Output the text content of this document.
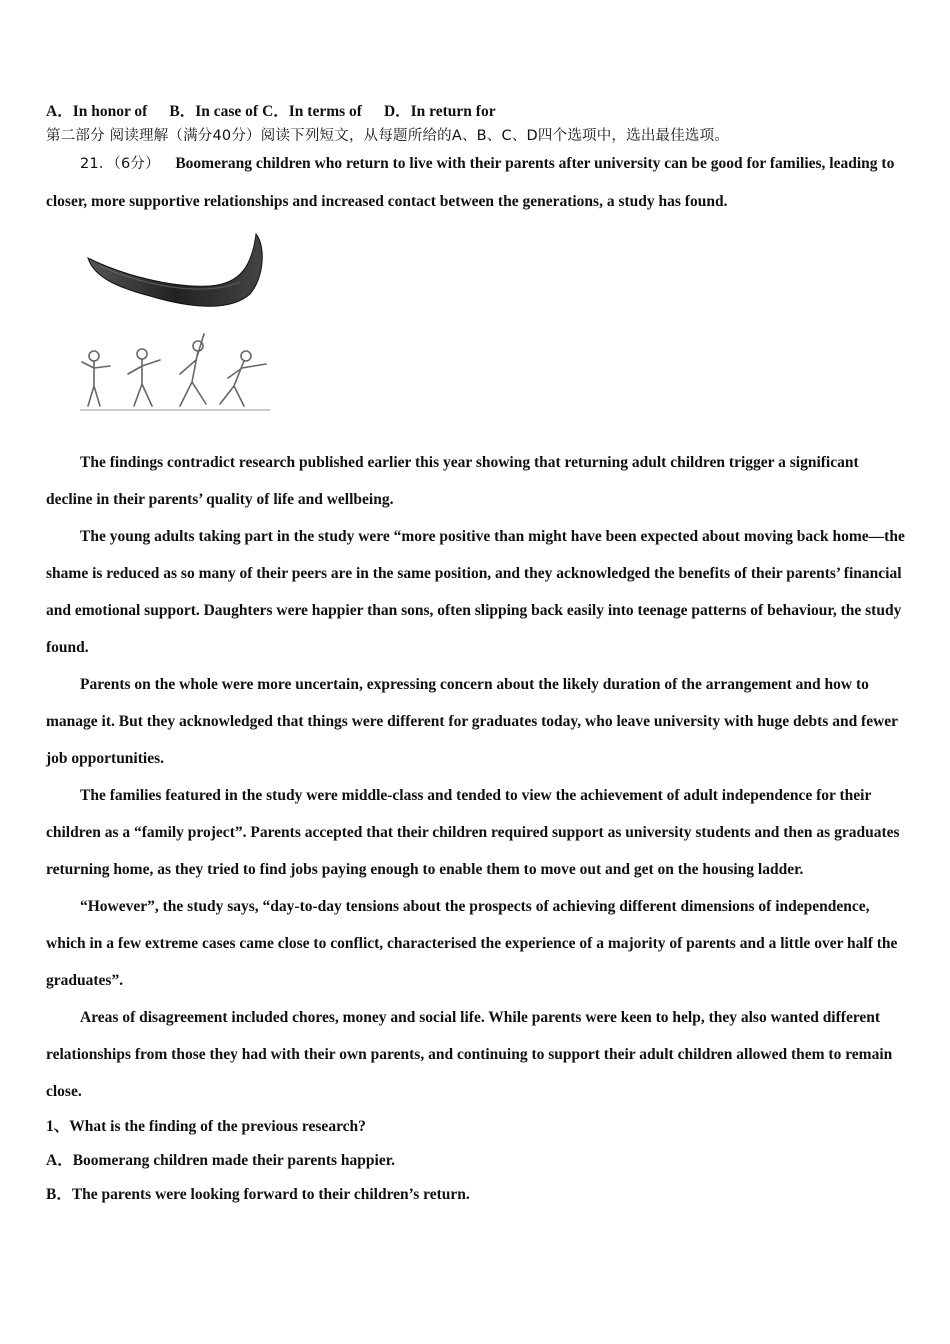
A．In honor of B．In case of C．In terms of D．In return for
第二部分 阅读理解（满分40分）阅读下列短文，从每题所给的A、B、C、D四个选项中，选出最佳选项。

21．（6分） Boomerang children who return to live with their parents after university can be good for families, leading to closer, more supportive relationships and increased contact between the generations, a study has found.

The findings contradict research published earlier this year showing that returning adult children trigger a significant decline in their parents’ quality of life and wellbeing.

The young adults taking part in the study were “more positive than might have been expected about moving back home—the shame is reduced as so many of their peers are in the same position, and they acknowledged the benefits of their parents’ financial and emotional support. Daughters were happier than sons, often slipping back easily into teenage patterns of behaviour, the study found.

Parents on the whole were more uncertain, expressing concern about the likely duration of the arrangement and how to manage it. But they acknowledged that things were different for graduates today, who leave university with huge debts and fewer job opportunities.

The families featured in the study were middle-class and tended to view the achievement of adult independence for their children as a “family project”. Parents accepted that their children required support as university students and then as graduates returning home, as they tried to find jobs paying enough to enable them to move out and get on the housing ladder.

“However”, the study says, “day-to-day tensions about the prospects of achieving different dimensions of independence, which in a few extreme cases came close to conflict, characterised the experience of a majority of parents and a little over half the graduates”.

Areas of disagreement included chores, money and social life. While parents were keen to help, they also wanted different relationships from those they had with their own parents, and continuing to support their adult children allowed them to remain close.

1、What is the finding of the previous research?
A．Boomerang children made their parents happier.
B．The parents were looking forward to their children’s return.
